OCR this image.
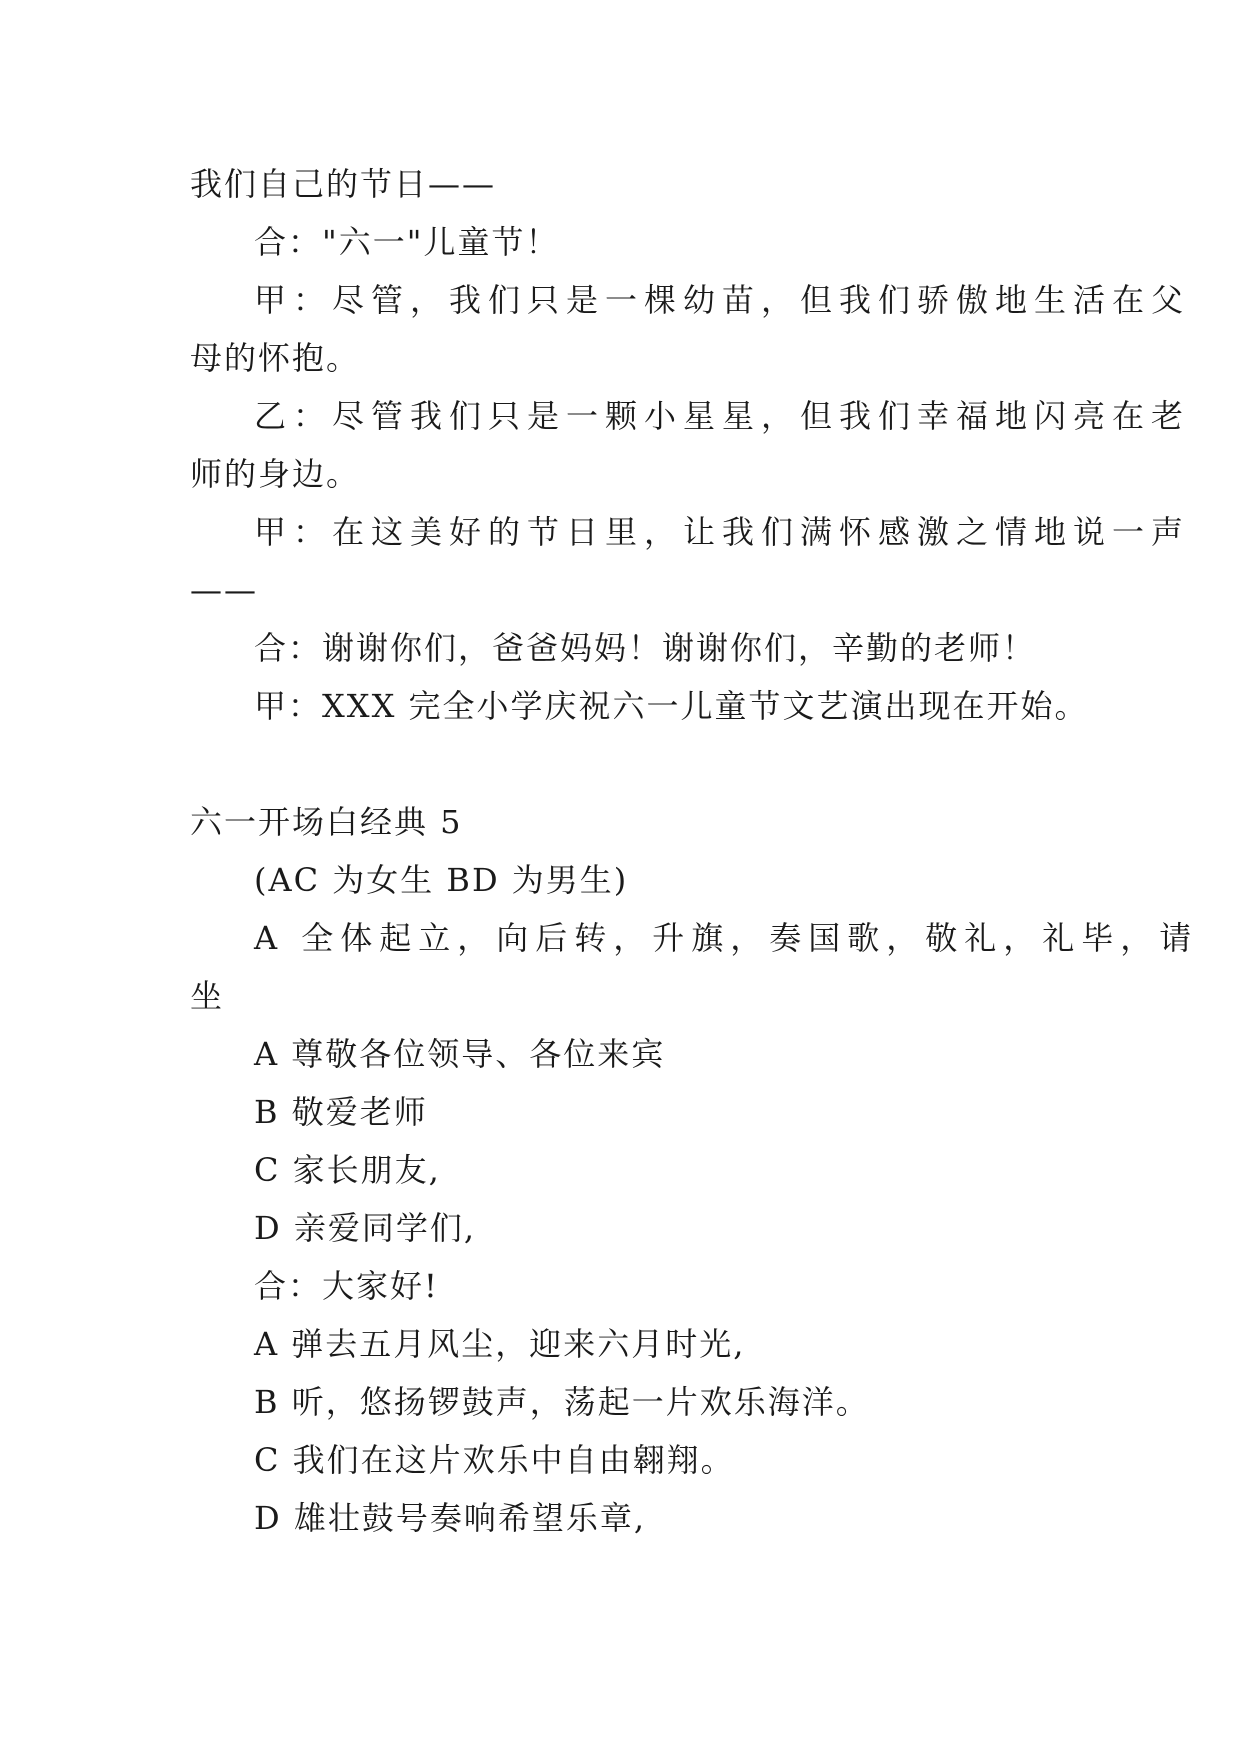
我们自己的节日——
合："六一"儿童节！
甲：尽管，我们只是一棵幼苗，但我们骄傲地生活在父
母的怀抱。
乙：尽管我们只是一颗小星星，但我们幸福地闪亮在老
师的身边。
甲：在这美好的节日里，让我们满怀感激之情地说一声
——
合：谢谢你们，爸爸妈妈！谢谢你们，辛勤的老师！
甲：XXX 完全小学庆祝六一儿童节文艺演出现在开始。
六一开场白经典 5
(AC 为女生 BD 为男生)
A 全体起立，向后转，升旗，奏国歌，敬礼，礼毕，请
坐
A 尊敬各位领导、各位来宾
B 敬爱老师
C 家长朋友,
D 亲爱同学们,
合：大家好!
A 弹去五月风尘，迎来六月时光,
B 听，悠扬锣鼓声，荡起一片欢乐海洋。
C 我们在这片欢乐中自由翱翔。
D 雄壮鼓号奏响希望乐章,
